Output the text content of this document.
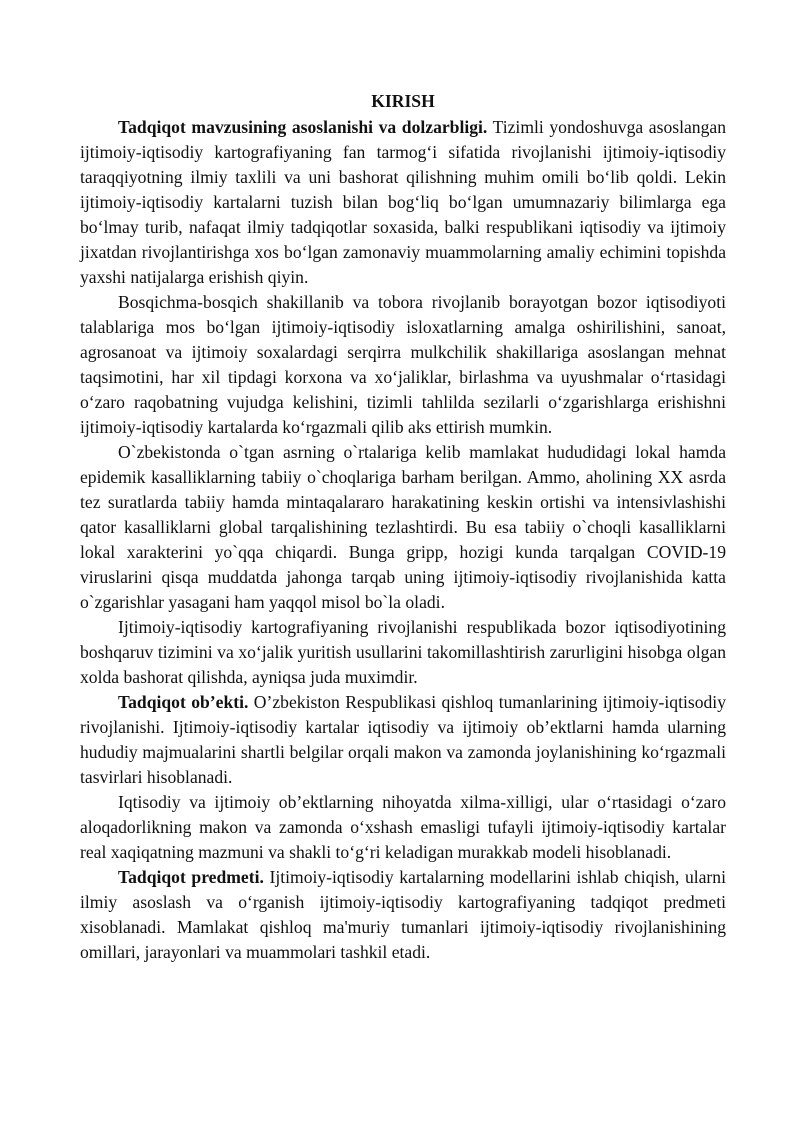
KIRISH

Tadqiqot mavzusining asoslanishi va dolzarbligi. Tizimli yondoshuvga asoslangan ijtimoiy-iqtisodiy kartografiyaning fan tarmog‘i sifatida rivojlanishi ijtimoiy-iqtisodiy taraqqiyotning ilmiy taxlili va uni bashorat qilishning muhim omili bo‘lib qoldi. Lekin ijtimoiy-iqtisodiy kartalarni tuzish bilan bog‘liq bo‘lgan umumnazariy bilimlarga ega bo‘lmay turib, nafaqat ilmiy tadqiqotlar soxasida, balki respublikani iqtisodiy va ijtimoiy jixatdan rivojlantirishga xos bo‘lgan zamonaviy muammolarning amaliy echimini topishda yaxshi natijalarga erishish qiyin.

Bosqichma-bosqich shakillanib va tobora rivojlanib borayotgan bozor iqtisodiyoti talablariga mos bo‘lgan ijtimoiy-iqtisodiy isloxatlarning amalga oshirilishini, sanoat, agrosanoat va ijtimoiy soxalardagi serqirra mulkchilik shakillariga asoslangan mehnat taqsimotini, har xil tipdagi korxona va xo‘jaliklar, birlashma va uyushmalar o‘rtasidagi o‘zaro raqobatning vujudga kelishini, tizimli tahlilda sezilarli o‘zgarishlarga erishishni ijtimoiy-iqtisodiy kartalarda ko‘rgazmali qilib aks ettirish mumkin.

O`zbekistonda o`tgan asrning o`rtalariga kelib mamlakat hududidagi lokal hamda epidemik kasalliklarning tabiiy o`choqlariga barham berilgan. Ammo, aholining XX asrda tez suratlarda tabiiy hamda mintaqalararo harakatining keskin ortishi va intensivlashishi qator kasalliklarni global tarqalishining tezlashtirdi. Bu esa tabiiy o`choqli kasalliklarni lokal xarakterini yo`qqa chiqardi. Bunga gripp, hozigi kunda tarqalgan COVID-19 viruslarini qisqa muddatda jahonga tarqab uning ijtimoiy-iqtisodiy rivojlanishida katta o`zgarishlar yasagani ham yaqqol misol bo`la oladi.

Ijtimoiy-iqtisodiy kartografiyaning rivojlanishi respublikada bozor iqtisodiyotining boshqaruv tizimini va xo‘jalik yuritish usullarini takomillashtirish zarurligini hisobga olgan xolda bashorat qilishda, ayniqsa juda muximdir.

Tadqiqot ob’ekti. O’zbekiston Respublikasi qishloq tumanlarining ijtimoiy-iqtisodiy rivojlanishi. Ijtimoiy-iqtisodiy kartalar iqtisodiy va ijtimoiy ob’ektlarni hamda ularning hududiy majmualarini shartli belgilar orqali makon va zamonda joylanishining ko‘rgazmali tasvirlari hisoblanadi.

Iqtisodiy va ijtimoiy ob’ektlarning nihoyatda xilma-xilligi, ular o‘rtasidagi o‘zaro aloqadorlikning makon va zamonda o‘xshash emasligi tufayli ijtimoiy-iqtisodiy kartalar real xaqiqatning mazmuni va shakli to‘g‘ri keladigan murakkab modeli hisoblanadi.

Tadqiqot predmeti. Ijtimoiy-iqtisodiy kartalarning modellarini ishlab chiqish, ularni ilmiy asoslash va o‘rganish ijtimoiy-iqtisodiy kartografiyaning tadqiqot predmeti xisoblanadi. Mamlakat qishloq ma'muriy tumanlari ijtimoiy-iqtisodiy rivojlanishining omillari, jarayonlari va muammolari tashkil etadi.
